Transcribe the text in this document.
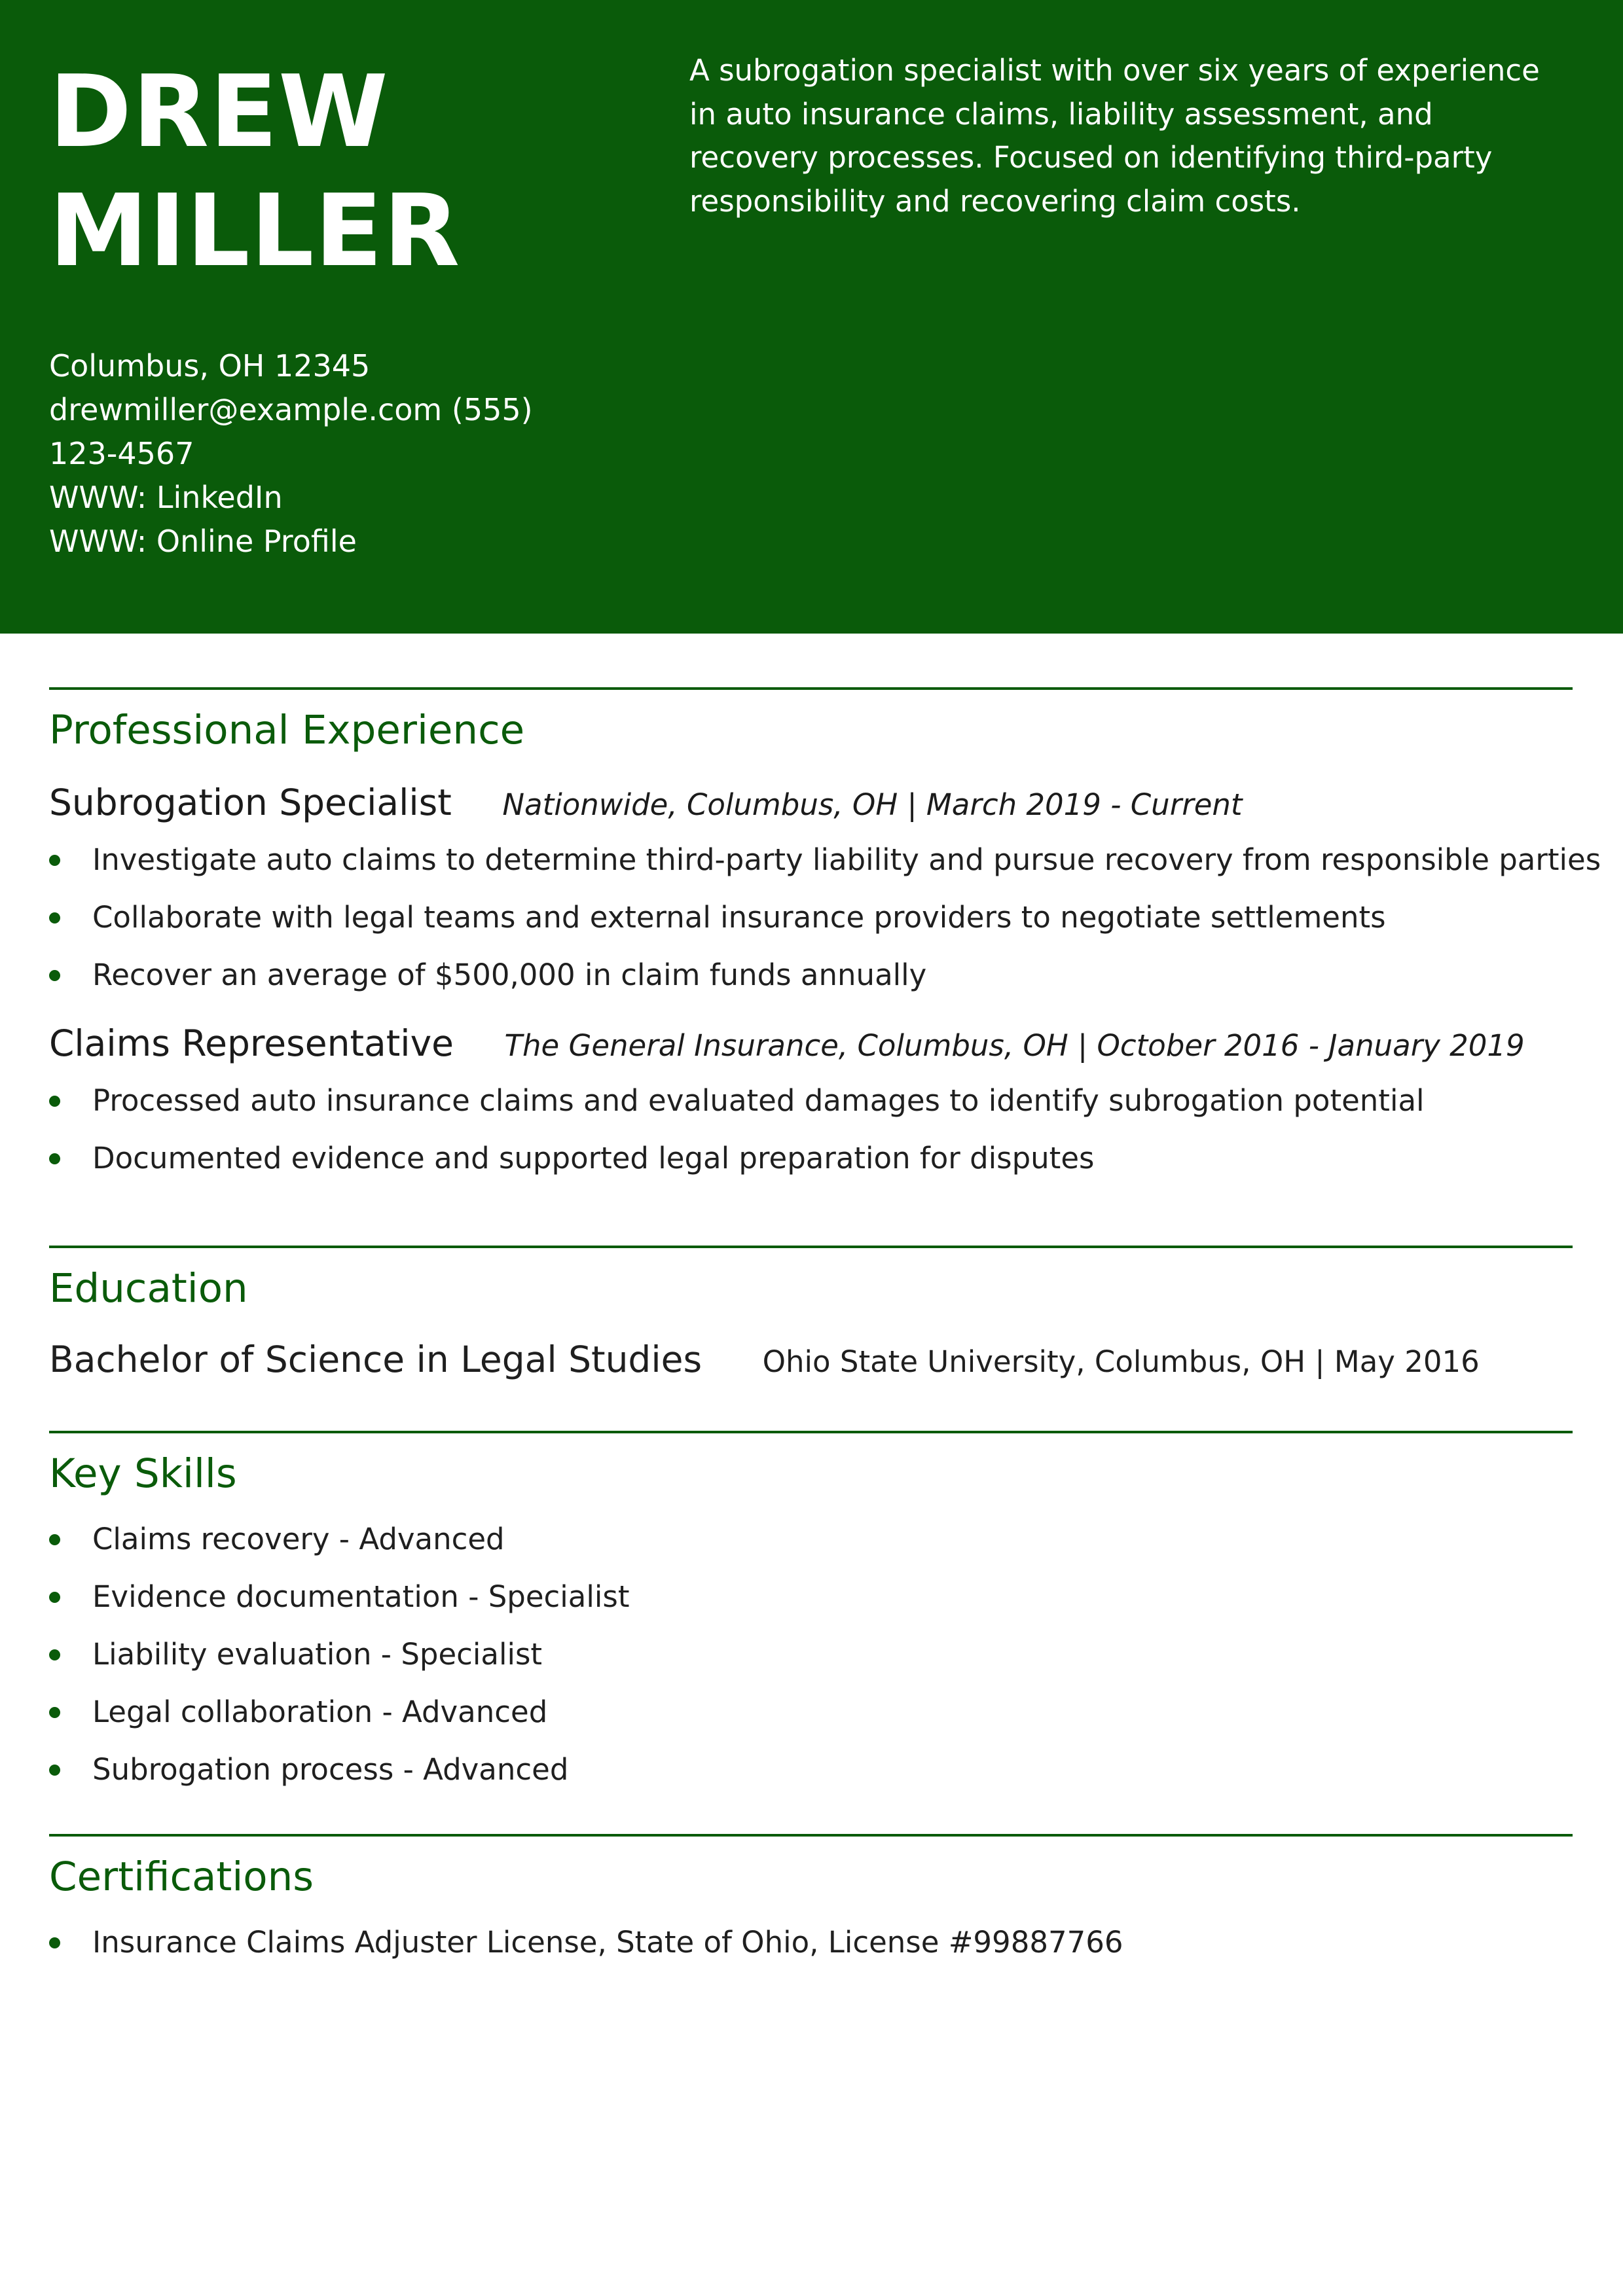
DREW
MILLER
Columbus, OH 12345
drewmiller@example.com (555)
123-4567
WWW: LinkedIn
WWW: Online Profile
A subrogation specialist with over six years of experience in auto insurance claims, liability assessment, and recovery processes. Focused on identifying third-party responsibility and recovering claim costs.
Professional Experience
Subrogation Specialist Nationwide, Columbus, OH | March 2019 - Current
Investigate auto claims to determine third-party liability and pursue recovery from responsible parties
Collaborate with legal teams and external insurance providers to negotiate settlements
Recover an average of $500,000 in claim funds annually
Claims Representative The General Insurance, Columbus, OH | October 2016 - January 2019
Processed auto insurance claims and evaluated damages to identify subrogation potential
Documented evidence and supported legal preparation for disputes
Education
Bachelor of Science in Legal Studies Ohio State University, Columbus, OH | May 2016
Key Skills
Claims recovery - Advanced
Evidence documentation - Specialist
Liability evaluation - Specialist
Legal collaboration - Advanced
Subrogation process - Advanced
Certifications
Insurance Claims Adjuster License, State of Ohio, License #99887766
